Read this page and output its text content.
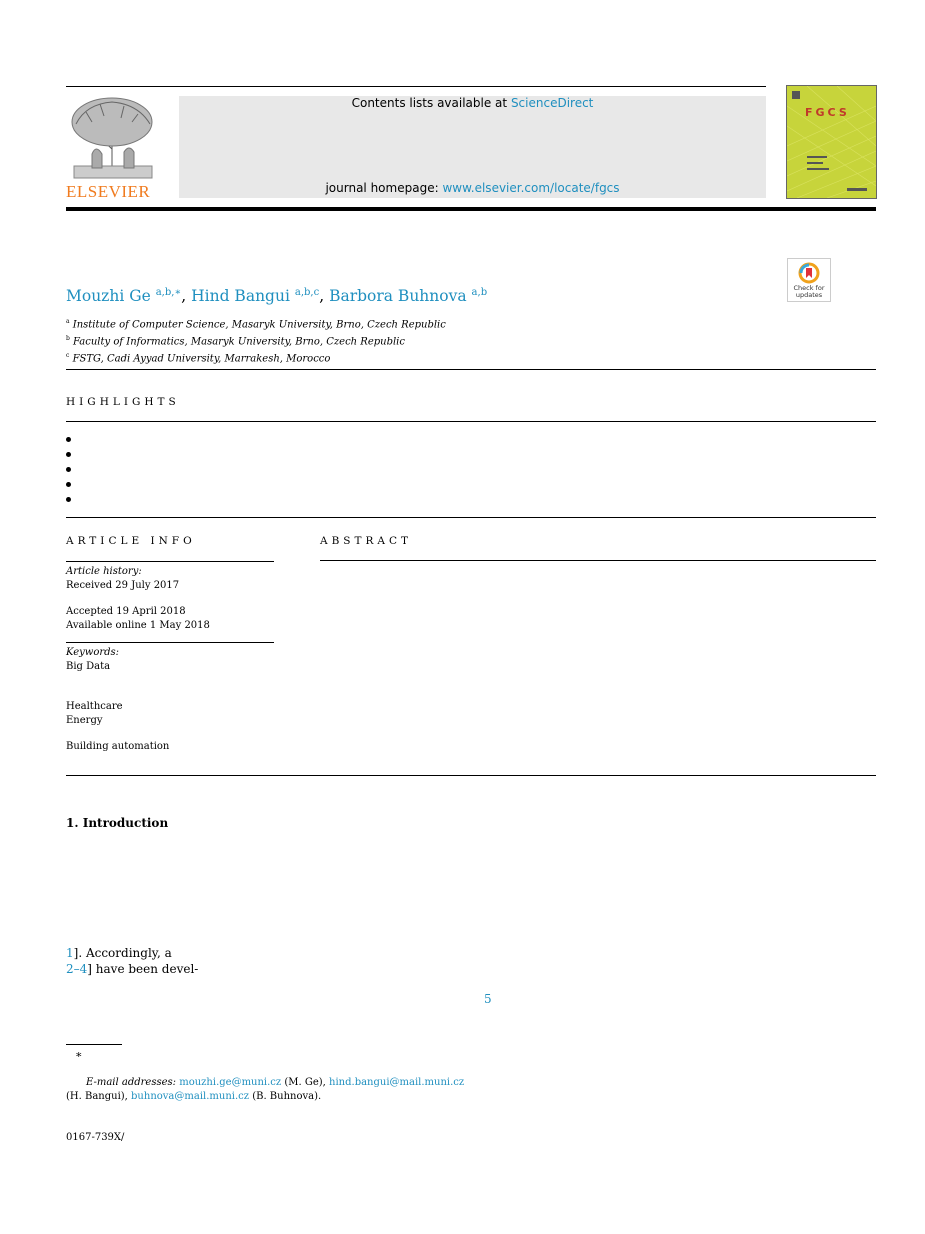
ELSEVIER
Contents lists available at ScienceDirect
journal homepage: www.elsevier.com/locate/fgcs
FGCS
Check for
updates
Mouzhi Ge $^{a,b,∗}$, Hind Bangui $^{a,b,c}$, Barbora Buhnova $^{a,b}$
$^a$ Institute of Computer Science, Masaryk University, Brno, Czech Republic
$^b$ Faculty of Informatics, Masaryk University, Brno, Czech Republic
$^c$ FSTG, Cadi Ayyad University, Marrakesh, Morocco
HIGHLIGHTS
ARTICLE INFO
Article history:
Received 29 July 2017
Accepted 19 April 2018
Available online 1 May 2018
Keywords:
Big Data
Healthcare
Energy
Building automation
ABSTRACT
1. Introduction
1]. Accordingly, a
2–4] have been devel-
5
∗
E-mail addresses: mouzhi.ge@muni.cz (M. Ge), hind.bangui@mail.muni.cz
(H. Bangui), buhnova@mail.muni.cz (B. Buhnova).
0167-739X/
